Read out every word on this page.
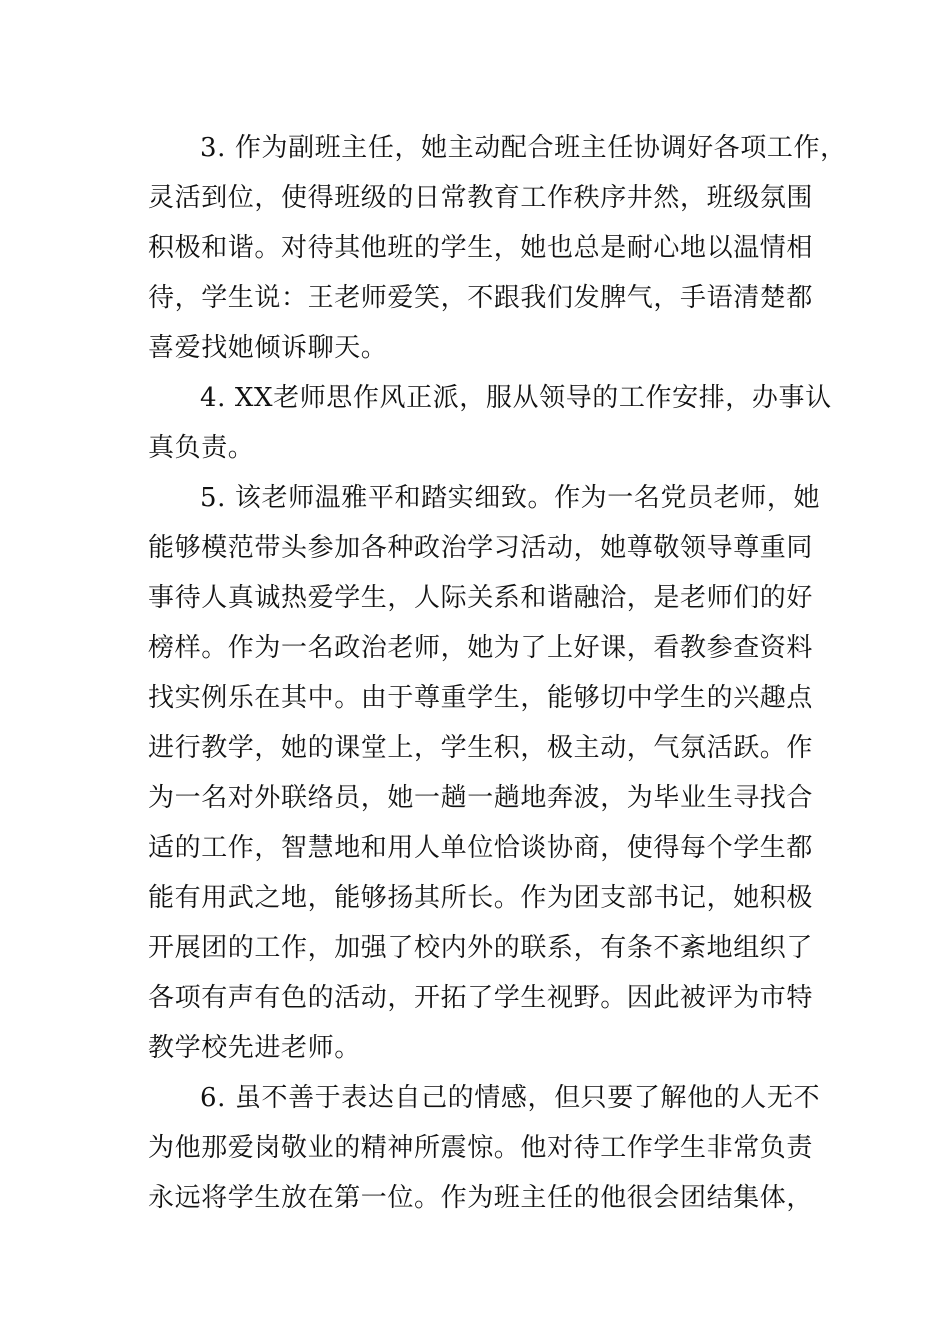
3. 作为副班主任，她主动配合班主任协调好各项工作，
灵活到位，使得班级的日常教育工作秩序井然，班级氛围
积极和谐。对待其他班的学生，她也总是耐心地以温情相
待，学生说：王老师爱笑，不跟我们发脾气，手语清楚都
喜爱找她倾诉聊天。
4. XX老师思作风正派，服从领导的工作安排，办事认
真负责。
5. 该老师温雅平和踏实细致。作为一名党员老师，她
能够模范带头参加各种政治学习活动，她尊敬领导尊重同
事待人真诚热爱学生，人际关系和谐融洽，是老师们的好
榜样。作为一名政治老师，她为了上好课，看教参查资料
找实例乐在其中。由于尊重学生，能够切中学生的兴趣点
进行教学，她的课堂上，学生积，极主动，气氛活跃。作
为一名对外联络员，她一趟一趟地奔波，为毕业生寻找合
适的工作，智慧地和用人单位恰谈协商，使得每个学生都
能有用武之地，能够扬其所长。作为团支部书记，她积极
开展团的工作，加强了校内外的联系，有条不紊地组织了
各项有声有色的活动，开拓了学生视野。因此被评为市特
教学校先进老师。
6. 虽不善于表达自己的情感，但只要了解他的人无不
为他那爱岗敬业的精神所震惊。他对待工作学生非常负责
永远将学生放在第一位。作为班主任的他很会团结集体，
